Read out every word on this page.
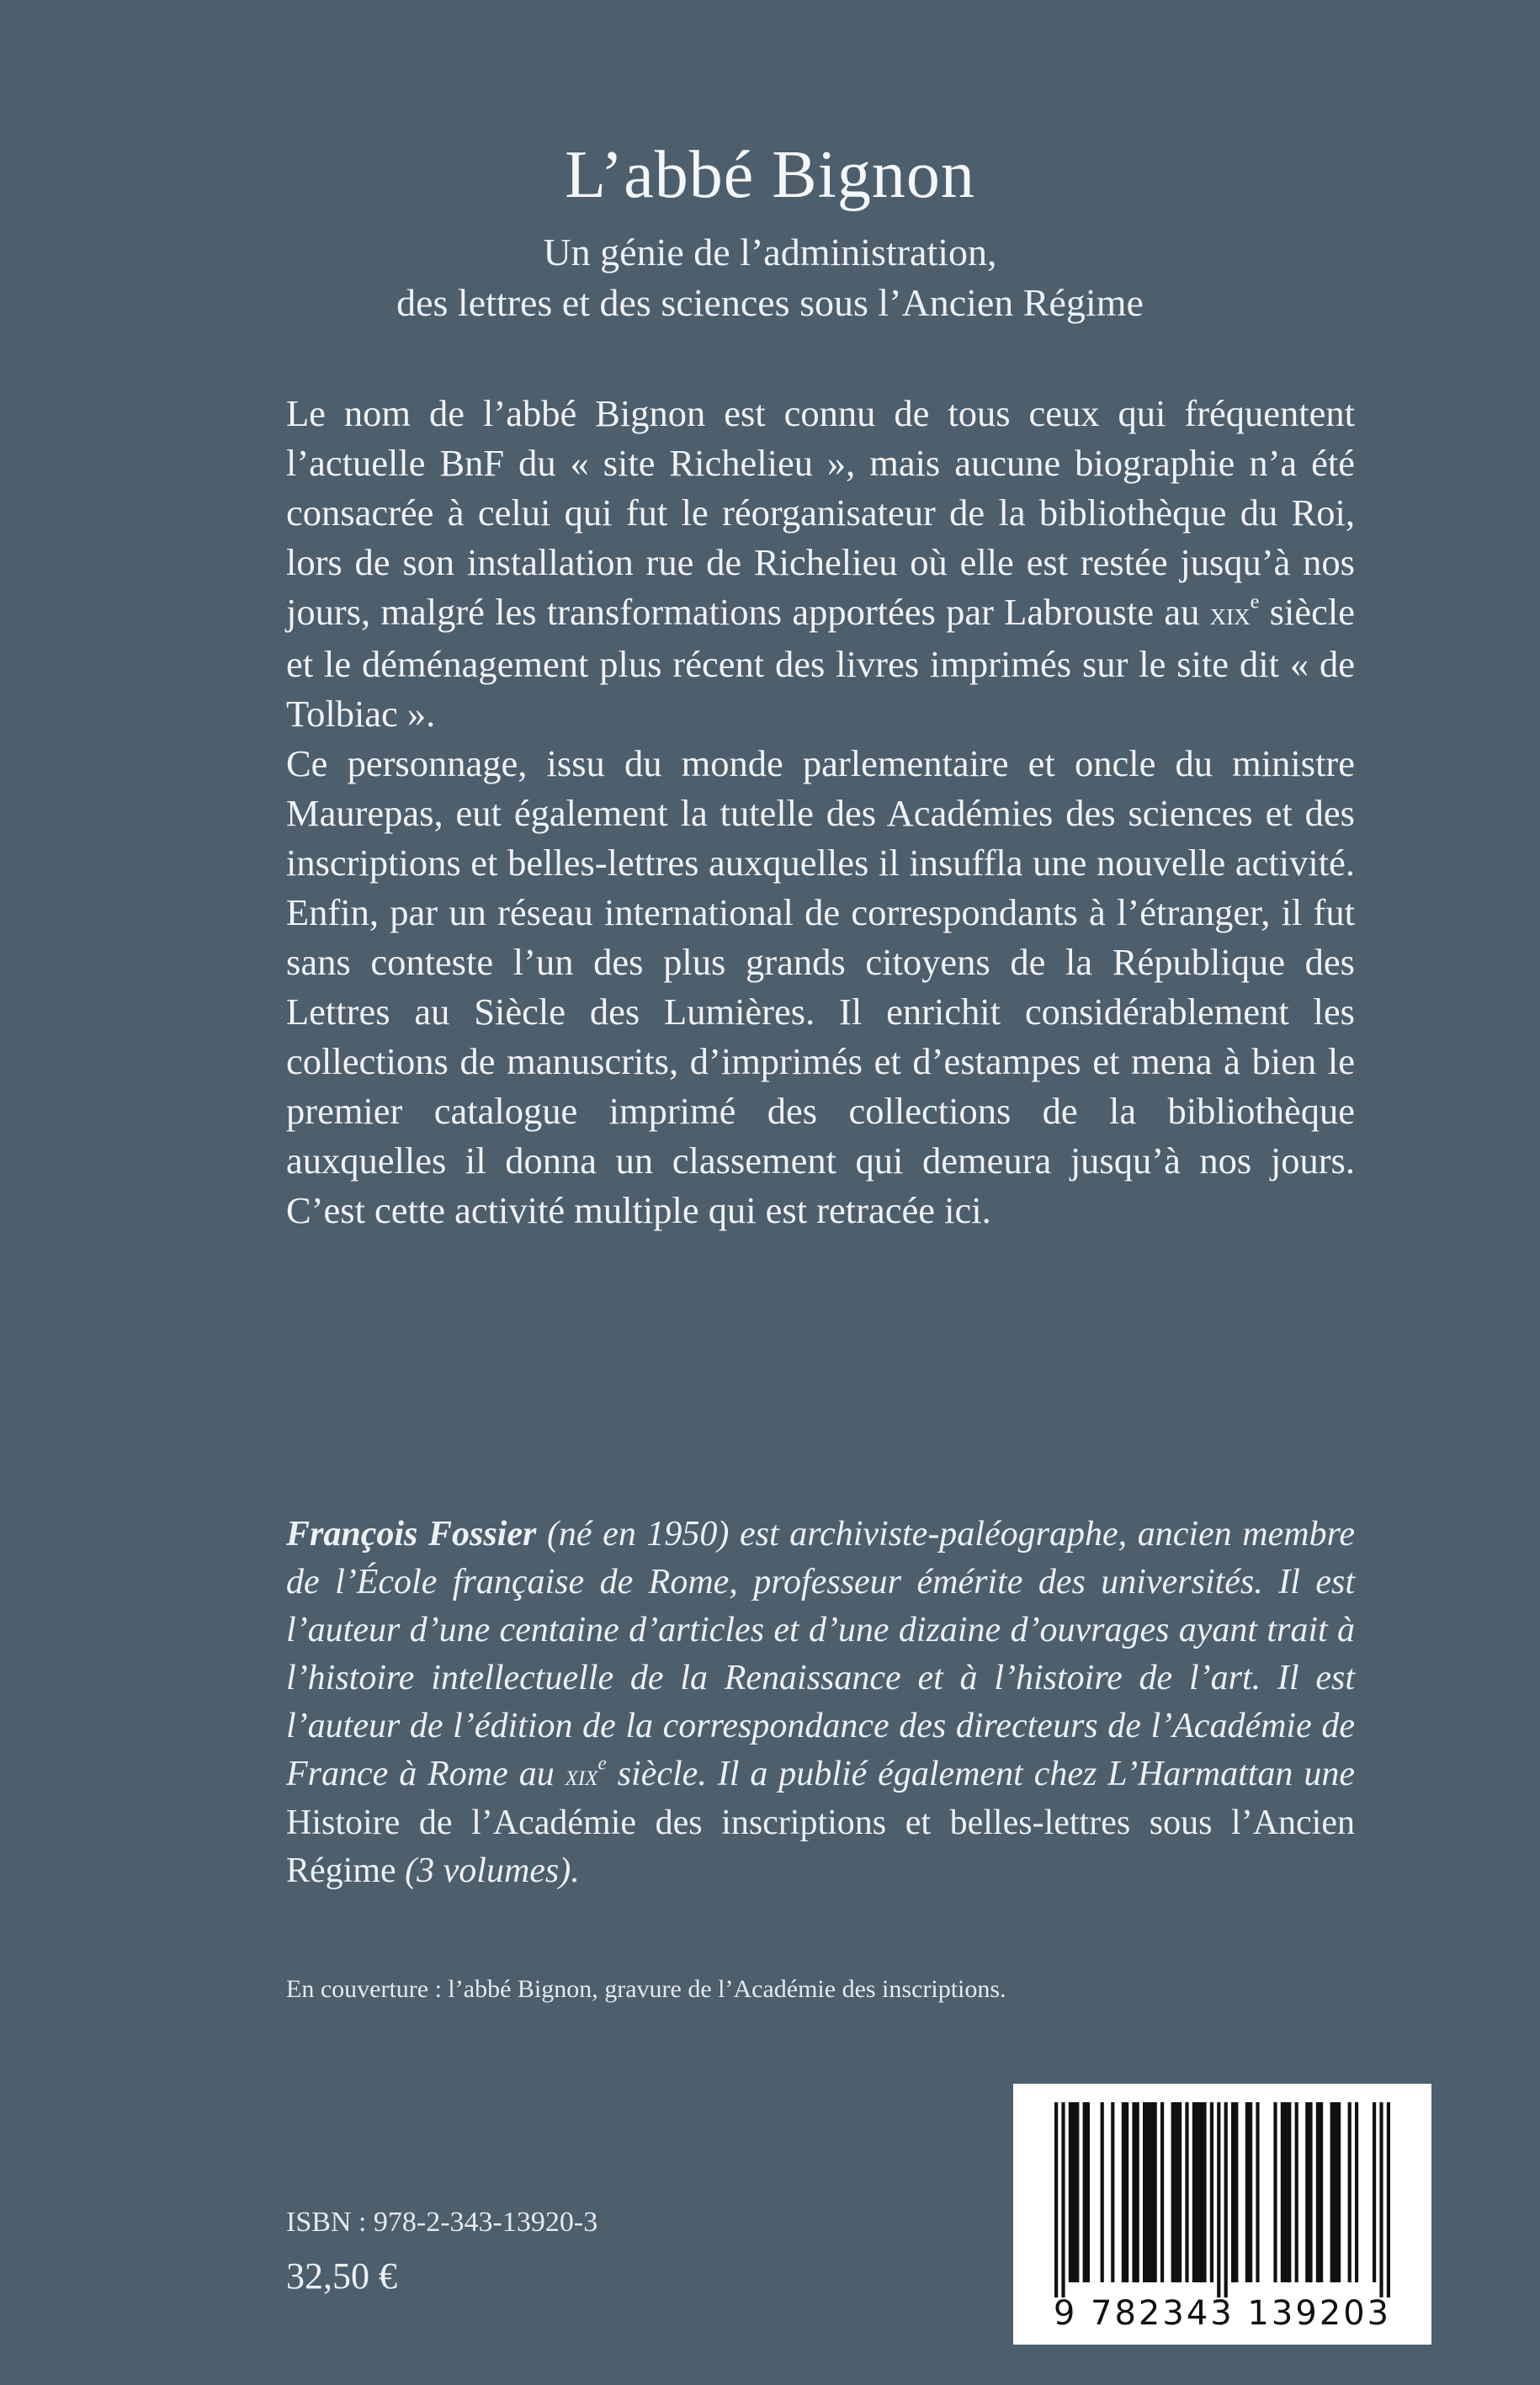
L’abbé Bignon
Un génie de l’administration,
des lettres et des sciences sous l’Ancien Régime

Le nom de l’abbé Bignon est connu de tous ceux qui fréquentent l’actuelle BnF du « site Richelieu », mais aucune biographie n’a été consacrée à celui qui fut le réorganisateur de la bibliothèque du Roi, lors de son installation rue de Richelieu où elle est restée jusqu’à nos jours, malgré les transformations apportées par Labrouste au xix$^e$ siècle et le déménagement plus récent des livres imprimés sur le site dit « de Tolbiac ».

Ce personnage, issu du monde parlementaire et oncle du ministre Maurepas, eut également la tutelle des Académies des sciences et des inscriptions et belles-lettres auxquelles il insuffla une nouvelle activité. Enfin, par un réseau international de correspondants à l’étranger, il fut sans conteste l’un des plus grands citoyens de la République des Lettres au Siècle des Lumières. Il enrichit considérablement les collections de manuscrits, d’imprimés et d’estampes et mena à bien le premier catalogue imprimé des collections de la bibliothèque auxquelles il donna un classement qui demeura jusqu’à nos jours. C’est cette activité multiple qui est retracée ici.

François Fossier (né en 1950) est archiviste-paléographe, ancien membre de l’École française de Rome, professeur émérite des universités. Il est l’auteur d’une centaine d’articles et d’une dizaine d’ouvrages ayant trait à l’histoire intellectuelle de la Renaissance et à l’histoire de l’art. Il est l’auteur de l’édition de la correspondance des directeurs de l’Académie de France à Rome au xix$^e$ siècle. Il a publié également chez L’Harmattan une Histoire de l’Académie des inscriptions et belles-lettres sous l’Ancien Régime (3 volumes).
En couverture : l’abbé Bignon, gravure de l’Académie des inscriptions.
ISBN : 978-2-343-13920-3
32,50 €
9 782343 139203
